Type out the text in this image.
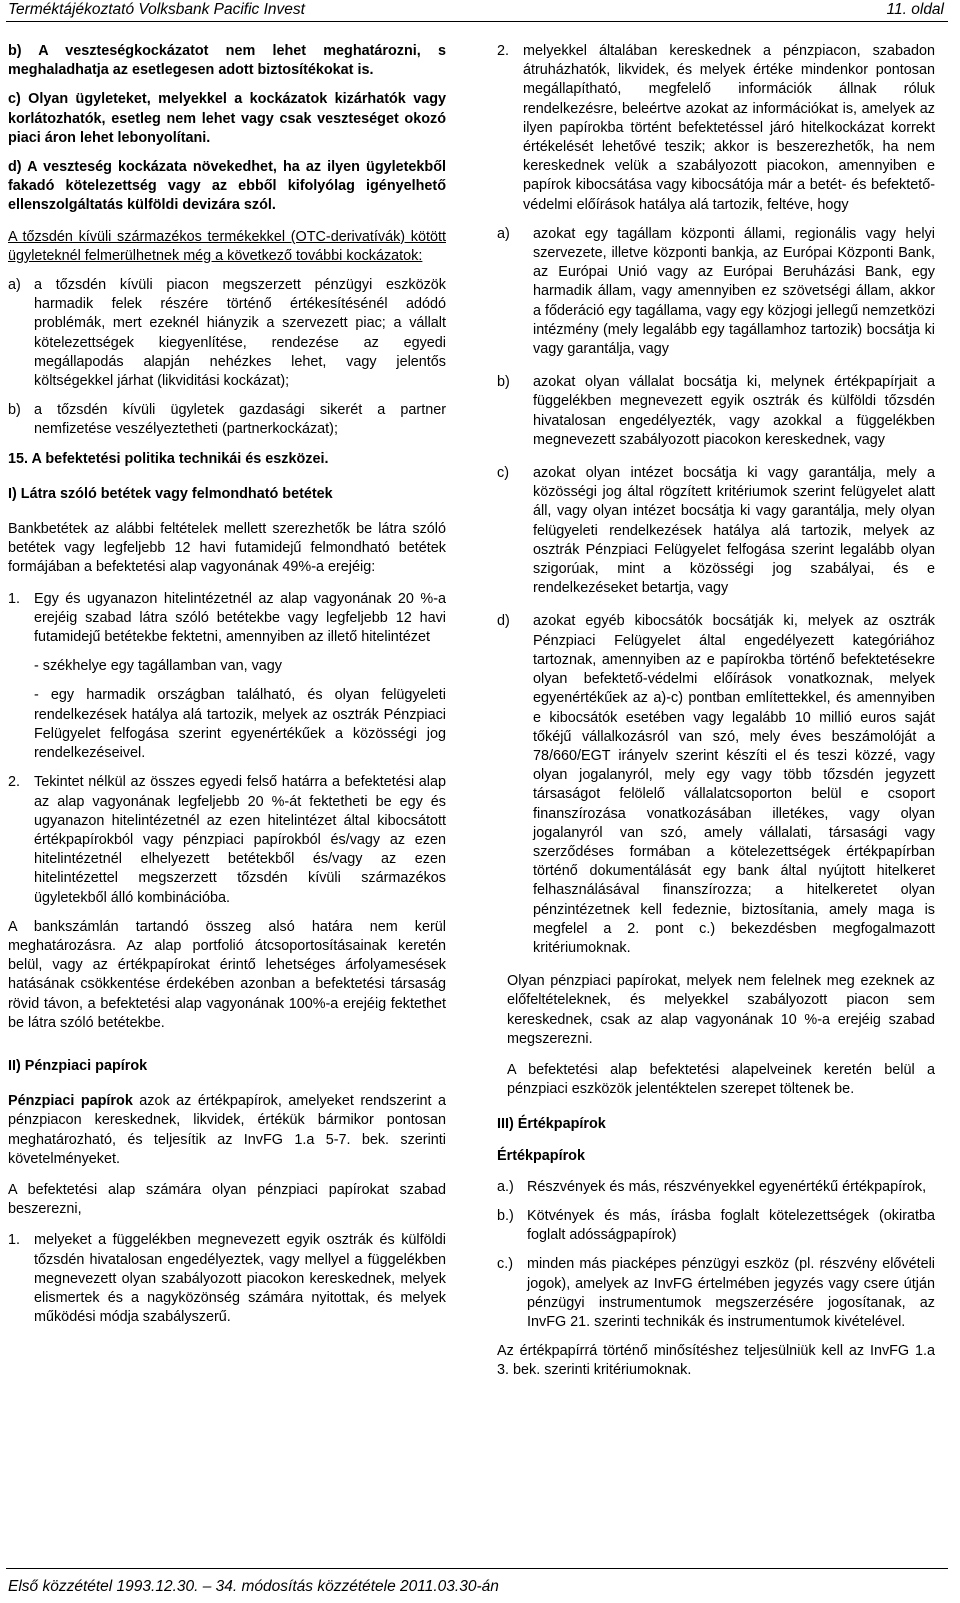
Terméktájékoztató Volksbank Pacific Invest	11. oldal

b) A veszteségkockázatot nem lehet meghatározni, s meghaladhatja az esetlegesen adott biztosítékokat is.

c) Olyan ügyleteket, melyekkel a kockázatok kizárhatók vagy korlátozhatók, esetleg nem lehet vagy csak veszteséget okozó piaci áron lehet lebonyolítani.

d) A veszteség kockázata növekedhet, ha az ilyen ügyletekből fakadó kötelezettség vagy az ebből kifolyólag igényelhető ellenszolgáltatás külföldi devizára szól.

A tőzsdén kívüli származékos termékekkel (OTC-derivatívák) kötött ügyleteknél felmerülhetnek még a következő további kockázatok:

a) a tőzsdén kívüli piacon megszerzett pénzügyi eszközök harmadik felek részére történő értékesítésénél adódó problémák, mert ezeknél hiányzik a szervezett piac; a vállalt kötelezettségek kiegyenlítése, rendezése az egyedi megállapodás alapján nehézkes lehet, vagy jelentős költségekkel járhat (likviditási kockázat);
b) a tőzsdén kívüli ügyletek gazdasági sikerét a partner nemfizetése veszélyeztetheti (partnerkockázat);

15. A befektetési politika technikái és eszközei.

I) Látra szóló betétek vagy felmondható betétek

Bankbetétek az alábbi feltételek mellett szerezhetők be látra szóló betétek vagy legfeljebb 12 havi futamidejű felmondható betétek formájában a befektetési alap vagyonának 49%-a erejéig:

1. Egy és ugyanazon hitelintézetnél az alap vagyonának 20 %-a erejéig szabad látra szóló betétekbe vagy legfeljebb 12 havi futamidejű betétekbe fektetni, amennyiben az illető hitelintézet

- székhelye egy tagállamban van, vagy

- egy harmadik országban található, és olyan felügyeleti rendelkezések hatálya alá tartozik, melyek az osztrák Pénzpiaci Felügyelet felfogása szerint egyenértékűek a közösségi jog rendelkezéseivel.

2. Tekintet nélkül az összes egyedi felső határra a befektetési alap az alap vagyonának legfeljebb 20 %-át fektetheti be egy és ugyanazon hitelintézetnél az ezen hitelintézet által kibocsátott értékpapírokból vagy pénzpiaci papírokból és/vagy az ezen hitelintézetnél elhelyezett betétekből és/vagy az ezen hitelintézettel megszerzett tőzsdén kívüli származékos ügyletekből álló kombinációba.

A bankszámlán tartandó összeg alsó határa nem kerül meghatározásra. Az alap portfolió átcsoportosításainak keretén belül, vagy az értékpapírokat érintő lehetséges árfolyamesések hatásának csökkentése érdekében azonban a befektetési társaság rövid távon, a befektetési alap vagyonának 100%-a erejéig fektethet be látra szóló betétekbe.

II) Pénzpiaci papírok

Pénzpiaci papírok azok az értékpapírok, amelyeket rendszerint a pénzpiacon kereskednek, likvidek, értékük bármikor pontosan meghatározható, és teljesítik az InvFG 1.a 5-7. bek. szerinti követelményeket.

A befektetési alap számára olyan pénzpiaci papírokat szabad beszerezni,

1. melyeket a függelékben megnevezett egyik osztrák és külföldi tőzsdén hivatalosan engedélyeztek, vagy mellyel a függelékben megnevezett olyan szabályozott piacokon kereskednek, melyek elismertek és a nagyközönség számára nyitottak, és melyek működési módja szabályszerű.
2. melyekkel általában kereskednek a pénzpiacon, szabadon átruházhatók, likvidek, és melyek értéke mindenkor pontosan megállapítható, megfelelő információk állnak róluk rendelkezésre, beleértve azokat az információkat is, amelyek az ilyen papírokba történt befektetéssel járó hitelkockázat korrekt értékelését lehetővé teszik; akkor is beszerezhetők, ha nem kereskednek velük a szabályozott piacokon, amennyiben e papírok kibocsátása vagy kibocsátója már a betét- és befektető-védelmi előírások hatálya alá tartozik, feltéve, hogy
a)	azokat egy tagállam központi állami, regionális vagy helyi szervezete, illetve központi bankja, az Európai Központi Bank, az Európai Unió vagy az Európai Beruházási Bank, egy harmadik állam, vagy amennyiben ez szövetségi állam, akkor a főderáció egy tagállama, vagy egy közjogi jellegű nemzetközi intézmény (mely legalább egy tagállamhoz tartozik) bocsátja ki vagy garantálja, vagy
b)	azokat olyan vállalat bocsátja ki, melynek értékpapírjait a függelékben megnevezett egyik osztrák és külföldi tőzsdén hivatalosan engedélyezték, vagy azokkal a függelékben megnevezett szabályozott piacokon kereskednek, vagy
c)	azokat olyan intézet bocsátja ki vagy garantálja, mely a közösségi jog által rögzített kritériumok szerint felügyelet alatt áll, vagy olyan intézet bocsátja ki vagy garantálja, mely olyan felügyeleti rendelkezések hatálya alá tartozik, melyek az osztrák Pénzpiaci Felügyelet felfogása szerint legalább olyan szigorúak, mint a közösségi jog szabályai, és e rendelkezéseket betartja, vagy
d)	azokat egyéb kibocsátók bocsátják ki, melyek az osztrák Pénzpiaci Felügyelet által engedélyezett kategóriához tartoznak, amennyiben az e papírokba történő befektetésekre olyan befektető-védelmi előírások vonatkoznak, melyek egyenértékűek az a)-c) pontban említettekkel, és amennyiben e kibocsátók esetében vagy legalább 10 millió euros saját tőkéjű vállalkozásról van szó, mely éves beszámolóját a 78/660/EGT irányelv szerint készíti el és teszi közzé, vagy olyan jogalanyról, mely egy vagy több tőzsdén jegyzett társaságot felölelő vállalatcsoporton belül e csoport finanszírozása vonatkozásában illetékes, vagy olyan jogalanyról van szó, amely vállalati, társasági vagy szerződéses formában a kötelezettségek értékpapírban történő dokumentálását egy bank által nyújtott hitelkeret felhasználásával finanszírozza; a hitelkeretet olyan pénzintézetnek kell fedeznie, biztosítania, amely maga is megfelel a 2. pont c.) bekezdésben megfogalmazott kritériumoknak.

Olyan pénzpiaci papírokat, melyek nem felelnek meg ezeknek az előfeltételeknek, és melyekkel szabályozott piacon sem kereskednek, csak az alap vagyonának 10 %-a erejéig szabad megszerezni.

A befektetési alap befektetési alapelveinek keretén belül a pénzpiaci eszközök jelentéktelen szerepet töltenek be.

III) Értékpapírok

Értékpapírok

a.) Részvények és más, részvényekkel egyenértékű értékpapírok,
b.) Kötvények és más, írásba foglalt kötelezettségek (okiratba foglalt adósságpapírok)
c.) minden más piacképes pénzügyi eszköz (pl. részvény elővételi jogok), amelyek az InvFG értelmében jegyzés vagy csere útján pénzügyi instrumentumok megszerzésére jogosítanak, az InvFG 21. szerinti technikák és instrumentumok kivételével.

Az értékpapírrá történő minősítéshez teljesülniük kell az InvFG 1.a 3. bek. szerinti kritériumoknak.

Első közzététel 1993.12.30. – 34. módosítás közzététele 2011.03.30-án
